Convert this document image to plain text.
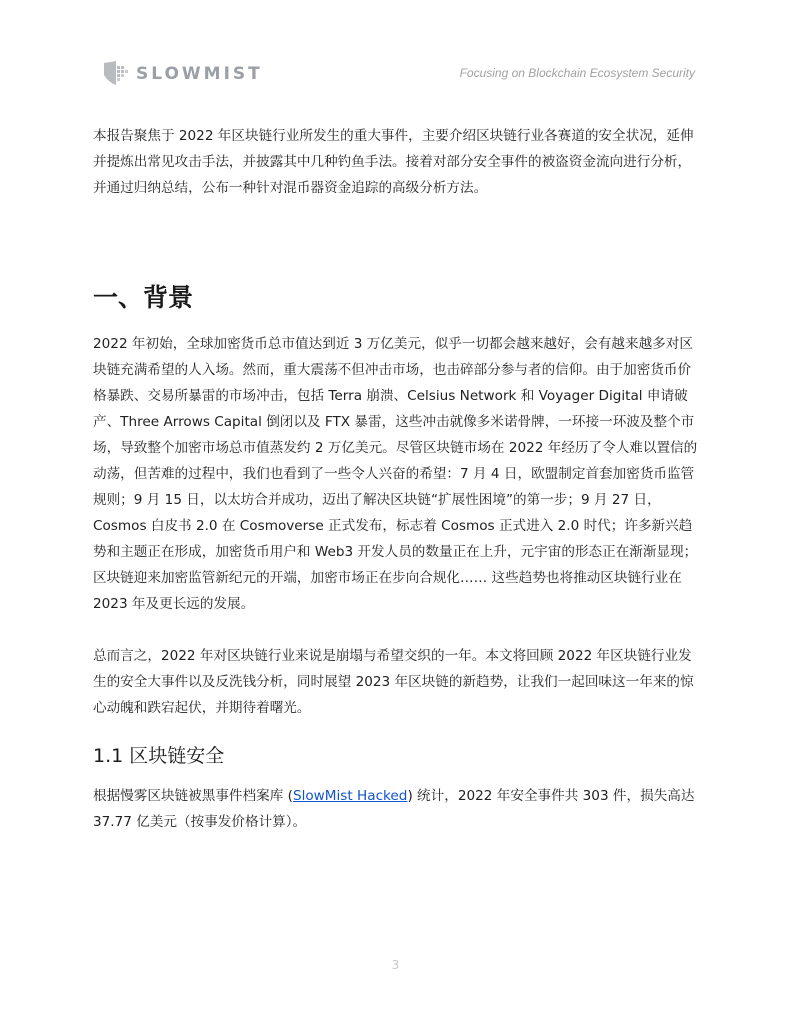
SLOWMIST	Focusing on Blockchain Ecosystem Security

本报告聚焦于 2022 年区块链行业所发生的重大事件，主要介绍区块链行业各赛道的安全状况，延伸并提炼出常见攻击手法，并披露其中几种钓鱼手法。接着对部分安全事件的被盗资金流向进行分析，并通过归纳总结，公布一种针对混币器资金追踪的高级分析方法。

一、背景

2022 年初始，全球加密货币总市值达到近 3 万亿美元，似乎一切都会越来越好，会有越来越多对区块链充满希望的人入场。然而，重大震荡不但冲击市场，也击碎部分参与者的信仰。由于加密货币价格暴跌、交易所暴雷的市场冲击，包括 Terra 崩溃、Celsius Network 和 Voyager Digital 申请破产、Three Arrows Capital 倒闭以及 FTX 暴雷，这些冲击就像多米诺骨牌，一环接一环波及整个市场，导致整个加密市场总市值蒸发约 2 万亿美元。尽管区块链市场在 2022 年经历了令人难以置信的动荡，但苦难的过程中，我们也看到了一些令人兴奋的希望：7 月 4 日，欧盟制定首套加密货币监管规则；9 月 15 日，以太坊合并成功，迈出了解决区块链“扩展性困境”的第一步；9 月 27 日，Cosmos 白皮书 2.0 在 Cosmoverse 正式发布，标志着 Cosmos 正式进入 2.0 时代；许多新兴趋势和主题正在形成，加密货币用户和 Web3 开发人员的数量正在上升，元宇宙的形态正在渐渐显现；区块链迎来加密监管新纪元的开端，加密市场正在步向合规化…… 这些趋势也将推动区块链行业在 2023 年及更长远的发展。

总而言之，2022 年对区块链行业来说是崩塌与希望交织的一年。本文将回顾 2022 年区块链行业发生的安全大事件以及反洗钱分析，同时展望 2023 年区块链的新趋势，让我们一起回味这一年来的惊心动魄和跌宕起伏，并期待着曙光。

1.1 区块链安全

根据慢雾区块链被黑事件档案库 (SlowMist Hacked) 统计，2022 年安全事件共 303 件，损失高达 37.77 亿美元（按事发价格计算）。

3
